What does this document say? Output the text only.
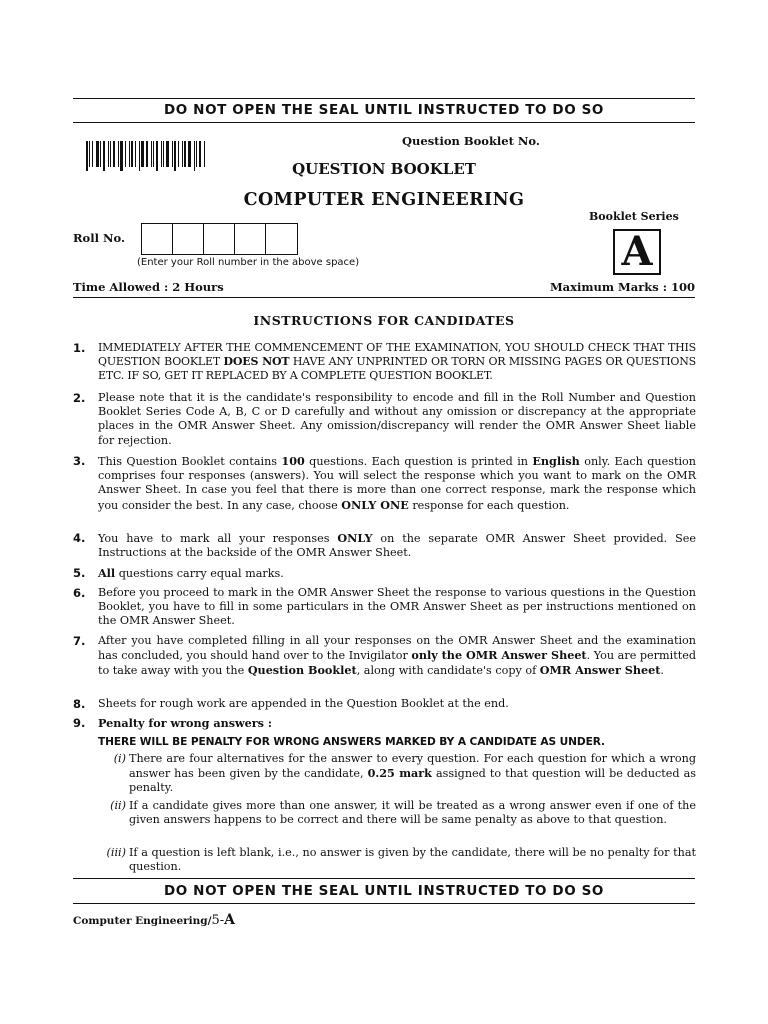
DO NOT OPEN THE SEAL UNTIL INSTRUCTED TO DO SO
Question Booklet No.
QUESTION BOOKLET
COMPUTER ENGINEERING
Booklet Series
A
Roll No.
(Enter your Roll number in the above space)
Time Allowed : 2 Hours	Maximum Marks : 100
INSTRUCTIONS FOR CANDIDATES
1. IMMEDIATELY AFTER THE COMMENCEMENT OF THE EXAMINATION, YOU SHOULD CHECK THAT THIS QUESTION BOOKLET DOES NOT HAVE ANY UNPRINTED OR TORN OR MISSING PAGES OR QUESTIONS ETC. IF SO, GET IT REPLACED BY A COMPLETE QUESTION BOOKLET.
2. Please note that it is the candidate's responsibility to encode and fill in the Roll Number and Question Booklet Series Code A, B, C or D carefully and without any omission or discrepancy at the appropriate places in the OMR Answer Sheet. Any omission/discrepancy will render the OMR Answer Sheet liable for rejection.
3. This Question Booklet contains 100 questions. Each question is printed in English only. Each question comprises four responses (answers). You will select the response which you want to mark on the OMR Answer Sheet. In case you feel that there is more than one correct response, mark the response which you consider the best. In any case, choose ONLY ONE response for each question.
4. You have to mark all your responses ONLY on the separate OMR Answer Sheet provided. See Instructions at the backside of the OMR Answer Sheet.
5. All questions carry equal marks.
6. Before you proceed to mark in the OMR Answer Sheet the response to various questions in the Question Booklet, you have to fill in some particulars in the OMR Answer Sheet as per instructions mentioned on the OMR Answer Sheet.
7. After you have completed filling in all your responses on the OMR Answer Sheet and the examination has concluded, you should hand over to the Invigilator only the OMR Answer Sheet. You are permitted to take away with you the Question Booklet, along with candidate's copy of OMR Answer Sheet.
8. Sheets for rough work are appended in the Question Booklet at the end.
9. Penalty for wrong answers :
THERE WILL BE PENALTY FOR WRONG ANSWERS MARKED BY A CANDIDATE AS UNDER.
(i) There are four alternatives for the answer to every question. For each question for which a wrong answer has been given by the candidate, 0.25 mark assigned to that question will be deducted as penalty.
(ii) If a candidate gives more than one answer, it will be treated as a wrong answer even if one of the given answers happens to be correct and there will be same penalty as above to that question.
(iii) If a question is left blank, i.e., no answer is given by the candidate, there will be no penalty for that question.
DO NOT OPEN THE SEAL UNTIL INSTRUCTED TO DO SO
Computer Engineering/5-A
